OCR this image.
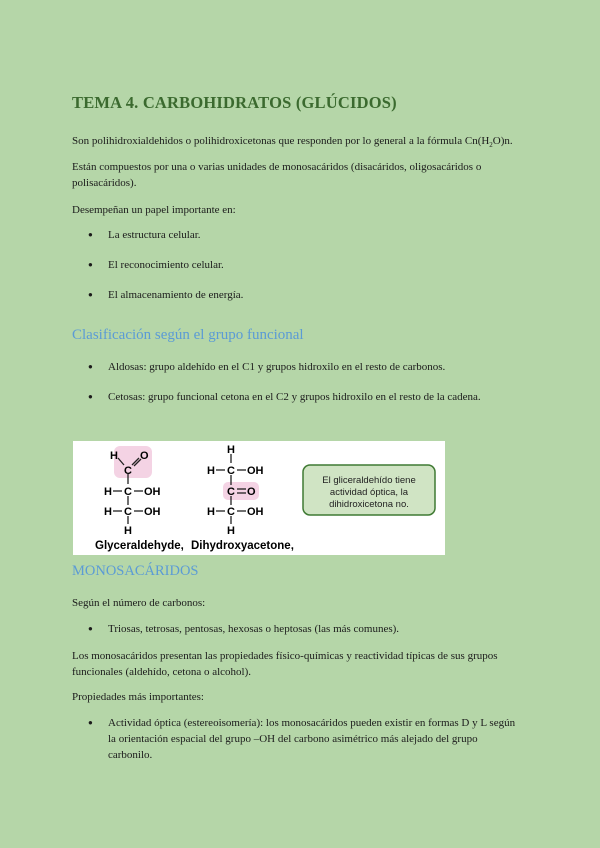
TEMA 4. CARBOHIDRATOS (GLÚCIDOS)

Son polihidroxialdehidos o polihidroxicetonas que responden por lo general a la fórmula $Cn(H_2O)n$.

Están compuestos por una o varias unidades de monosacáridos (disacáridos, oligosacáridos o polisacáridos).

Desempeñan un papel importante en:

● La estructura celular.
● El reconocimiento celular.
● El almacenamiento de energía.
Clasificación según el grupo funcional
● Aldosas: grupo aldehído en el C1 y grupos hidroxilo en el resto de carbonos.
● Cetosas: grupo funcional cetona en el C2 y grupos hidroxilo en el resto de la cadena.
H
C
O
H C OH
H C OH
H
Glyceraldehyde,
H
H C OH
C O
H C OH
H
Dihydroxyacetone,
El gliceraldehído tiene
actividad óptica, la
dihidroxicetona no.
MONOSACÁRIDOS

Según el número de carbonos:

● Triosas, tetrosas, pentosas, hexosas o heptosas (las más comunes).

Los monosacáridos presentan las propiedades físico-químicas y reactividad típicas de sus grupos funcionales (aldehído, cetona o alcohol).

Propiedades más importantes:

● Actividad óptica (estereoisomería): los monosacáridos pueden existir en formas D y L según la orientación espacial del grupo –OH del carbono asimétrico más alejado del grupo carbonilo.
